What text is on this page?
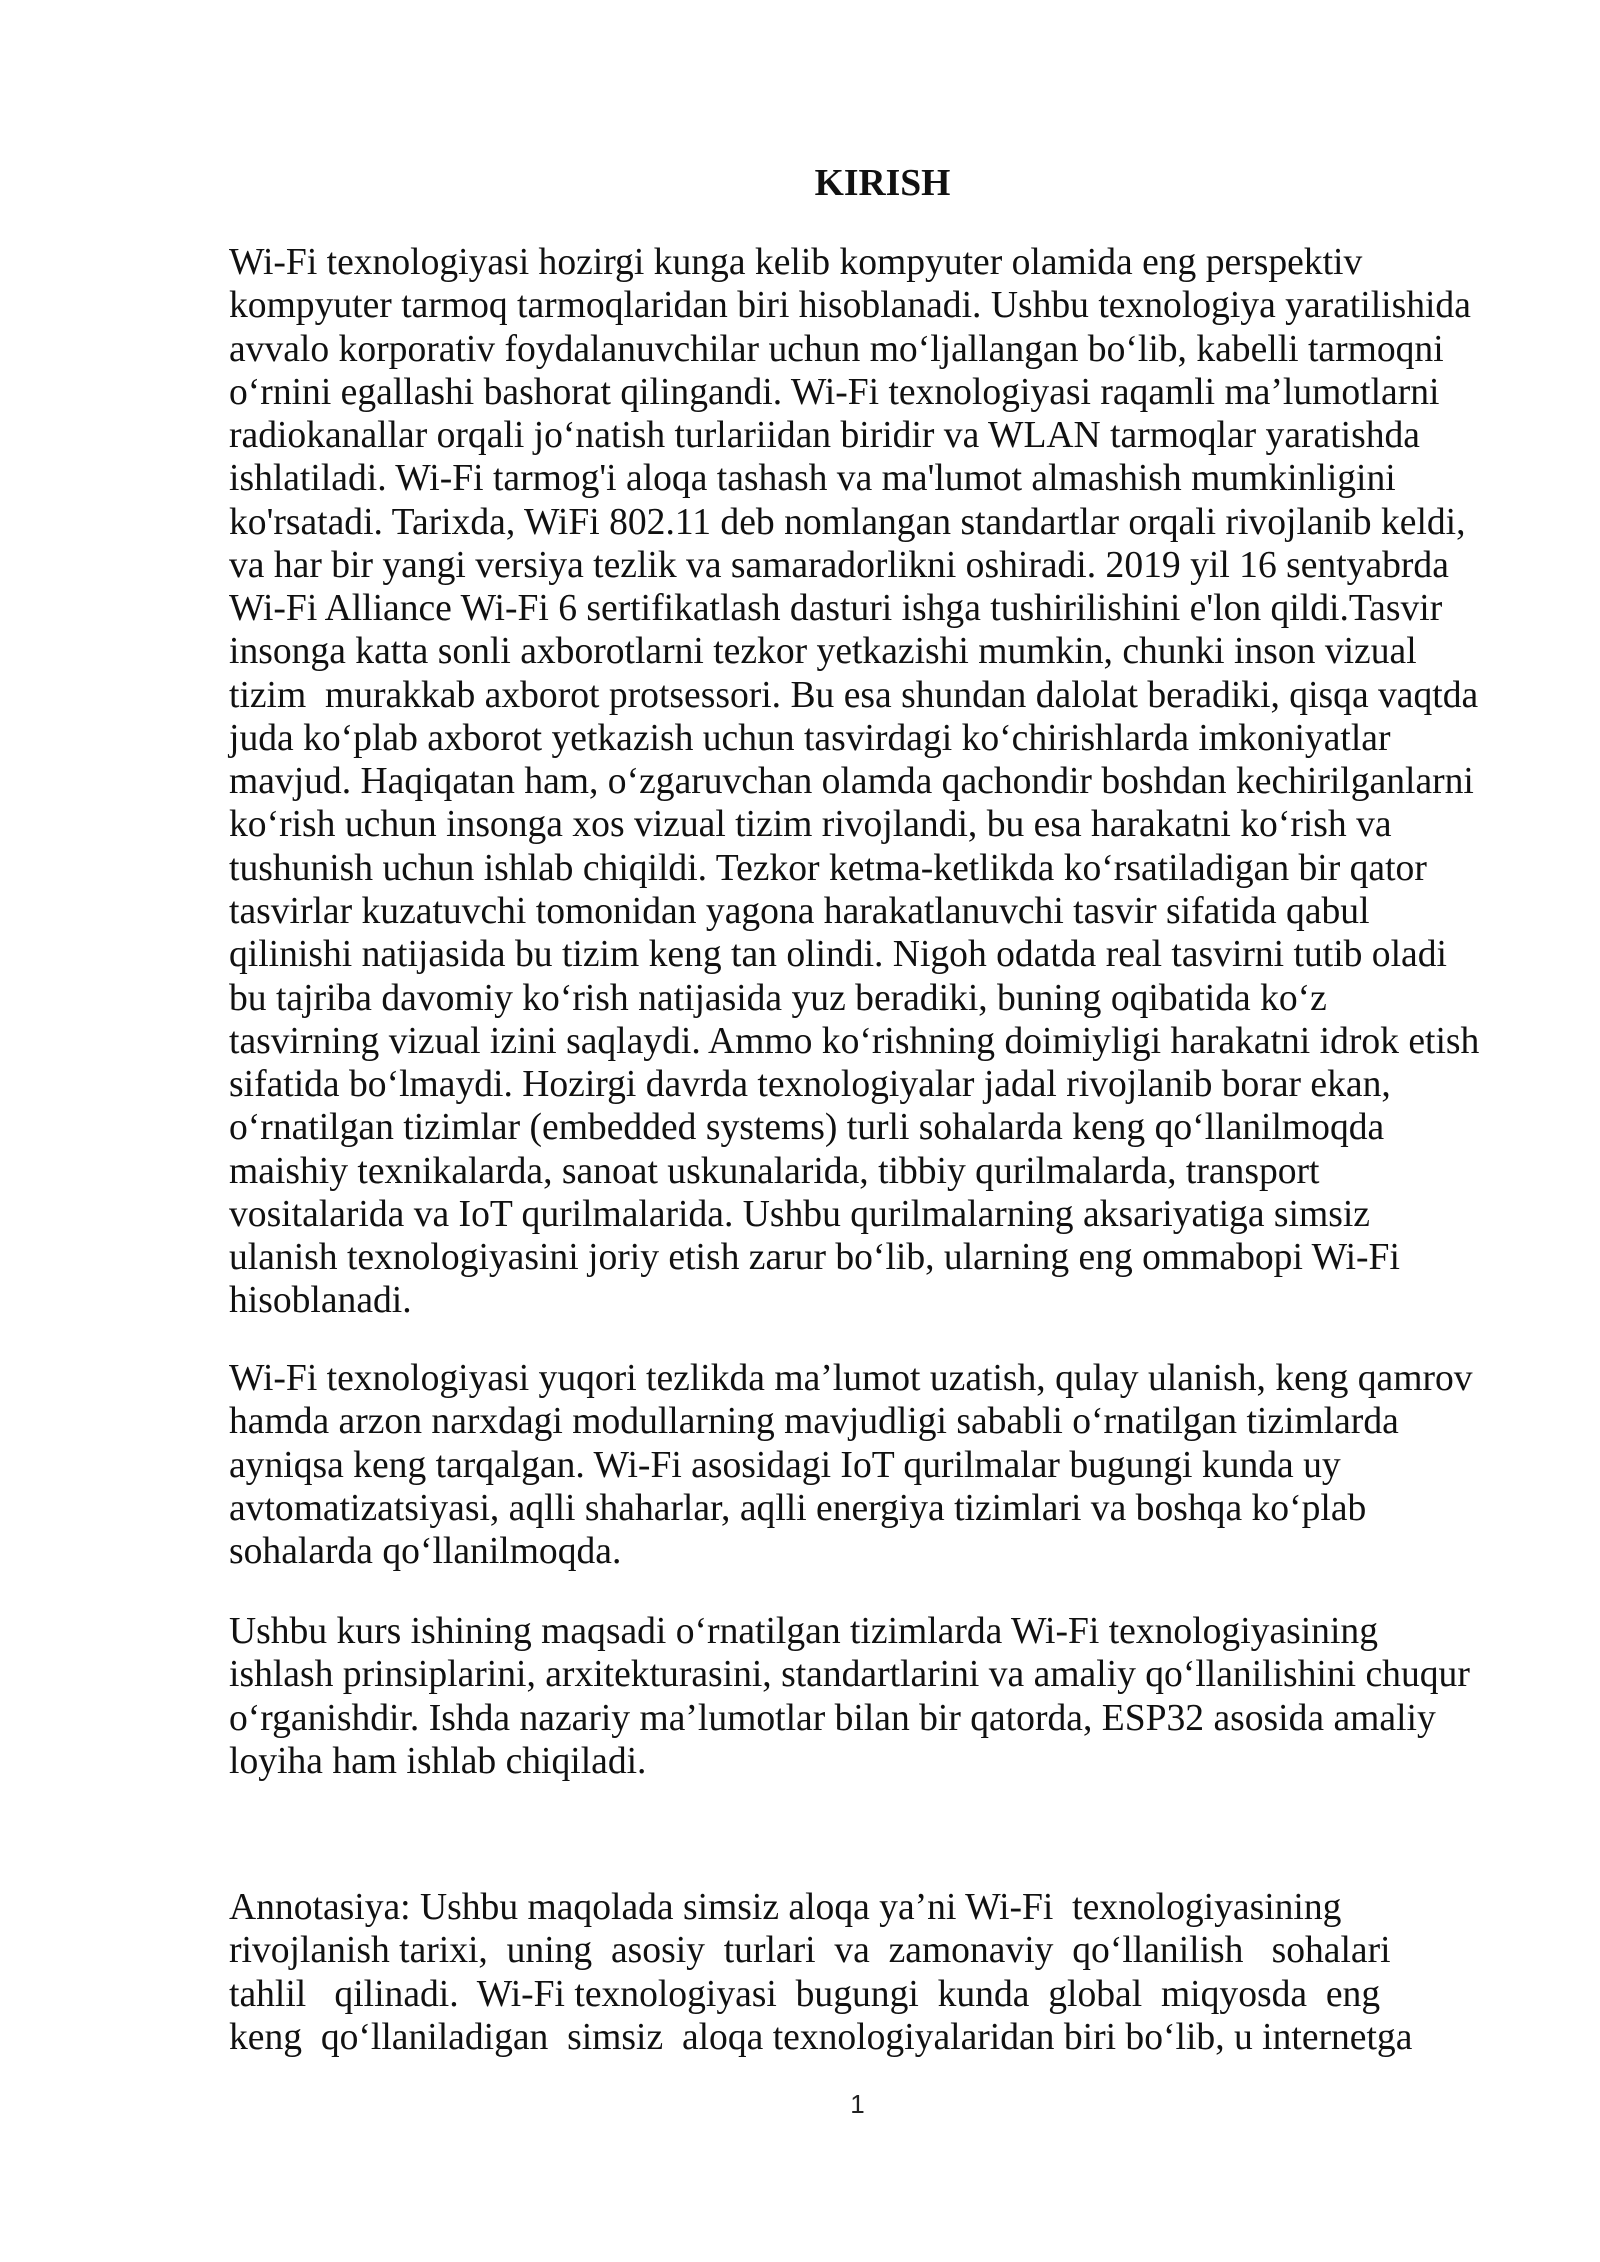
KIRISH
Wi-Fi texnologiyasi hozirgi kunga kelib kompyuter olamida eng perspektiv
kompyuter tarmoq tarmoqlaridan biri hisoblanadi. Ushbu texnologiya yaratilishida
avvalo korporativ foydalanuvchilar uchun mo‘ljallangan bo‘lib, kabelli tarmoqni
o‘rnini egallashi bashorat qilingandi. Wi-Fi texnologiyasi raqamli ma’lumotlarni
radiokanallar orqali jo‘natish turlariidan biridir va WLAN tarmoqlar yaratishda
ishlatiladi. Wi-Fi tarmog'i aloqa tashash va ma'lumot almashish mumkinligini
ko'rsatadi. Tarixda, WiFi 802.11 deb nomlangan standartlar orqali rivojlanib keldi,
va har bir yangi versiya tezlik va samaradorlikni oshiradi. 2019 yil 16 sentyabrda
Wi-Fi Alliance Wi-Fi 6 sertifikatlash dasturi ishga tushirilishini e'lon qildi.Tasvir
insonga katta sonli axborotlarni tezkor yetkazishi mumkin, chunki inson vizual
tizim  murakkab axborot protsessori. Bu esa shundan dalolat beradiki, qisqa vaqtda
juda ko‘plab axborot yetkazish uchun tasvirdagi ko‘chirishlarda imkoniyatlar
mavjud. Haqiqatan ham, o‘zgaruvchan olamda qachondir boshdan kechirilganlarni
ko‘rish uchun insonga xos vizual tizim rivojlandi, bu esa harakatni ko‘rish va
tushunish uchun ishlab chiqildi. Tezkor ketma-ketlikda ko‘rsatiladigan bir qator
tasvirlar kuzatuvchi tomonidan yagona harakatlanuvchi tasvir sifatida qabul
qilinishi natijasida bu tizim keng tan olindi. Nigoh odatda real tasvirni tutib oladi
bu tajriba davomiy ko‘rish natijasida yuz beradiki, buning oqibatida ko‘z
tasvirning vizual izini saqlaydi. Ammo ko‘rishning doimiyligi harakatni idrok etish
sifatida bo‘lmaydi. Hozirgi davrda texnologiyalar jadal rivojlanib borar ekan,
o‘rnatilgan tizimlar (embedded systems) turli sohalarda keng qo‘llanilmoqda
maishiy texnikalarda, sanoat uskunalarida, tibbiy qurilmalarda, transport
vositalarida va IoT qurilmalarida. Ushbu qurilmalarning aksariyatiga simsiz
ulanish texnologiyasini joriy etish zarur bo‘lib, ularning eng ommabopi Wi-Fi
hisoblanadi.
Wi-Fi texnologiyasi yuqori tezlikda ma’lumot uzatish, qulay ulanish, keng qamrov
hamda arzon narxdagi modullarning mavjudligi sababli o‘rnatilgan tizimlarda
ayniqsa keng tarqalgan. Wi-Fi asosidagi IoT qurilmalar bugungi kunda uy
avtomatizatsiyasi, aqlli shaharlar, aqlli energiya tizimlari va boshqa ko‘plab
sohalarda qo‘llanilmoqda.
Ushbu kurs ishining maqsadi o‘rnatilgan tizimlarda Wi-Fi texnologiyasining
ishlash prinsiplarini, arxitekturasini, standartlarini va amaliy qo‘llanilishini chuqur
o‘rganishdir. Ishda nazariy ma’lumotlar bilan bir qatorda, ESP32 asosida amaliy
loyiha ham ishlab chiqiladi.
Annotasiya: Ushbu maqolada simsiz aloqa ya’ni Wi-Fi  texnologiyasining
rivojlanish tarixi,  uning  asosiy  turlari  va  zamonaviy  qo‘llanilish   sohalari
tahlil   qilinadi.  Wi-Fi texnologiyasi  bugungi  kunda  global  miqyosda  eng
keng  qo‘llaniladigan  simsiz  aloqa texnologiyalaridan biri bo‘lib, u internetga
1
